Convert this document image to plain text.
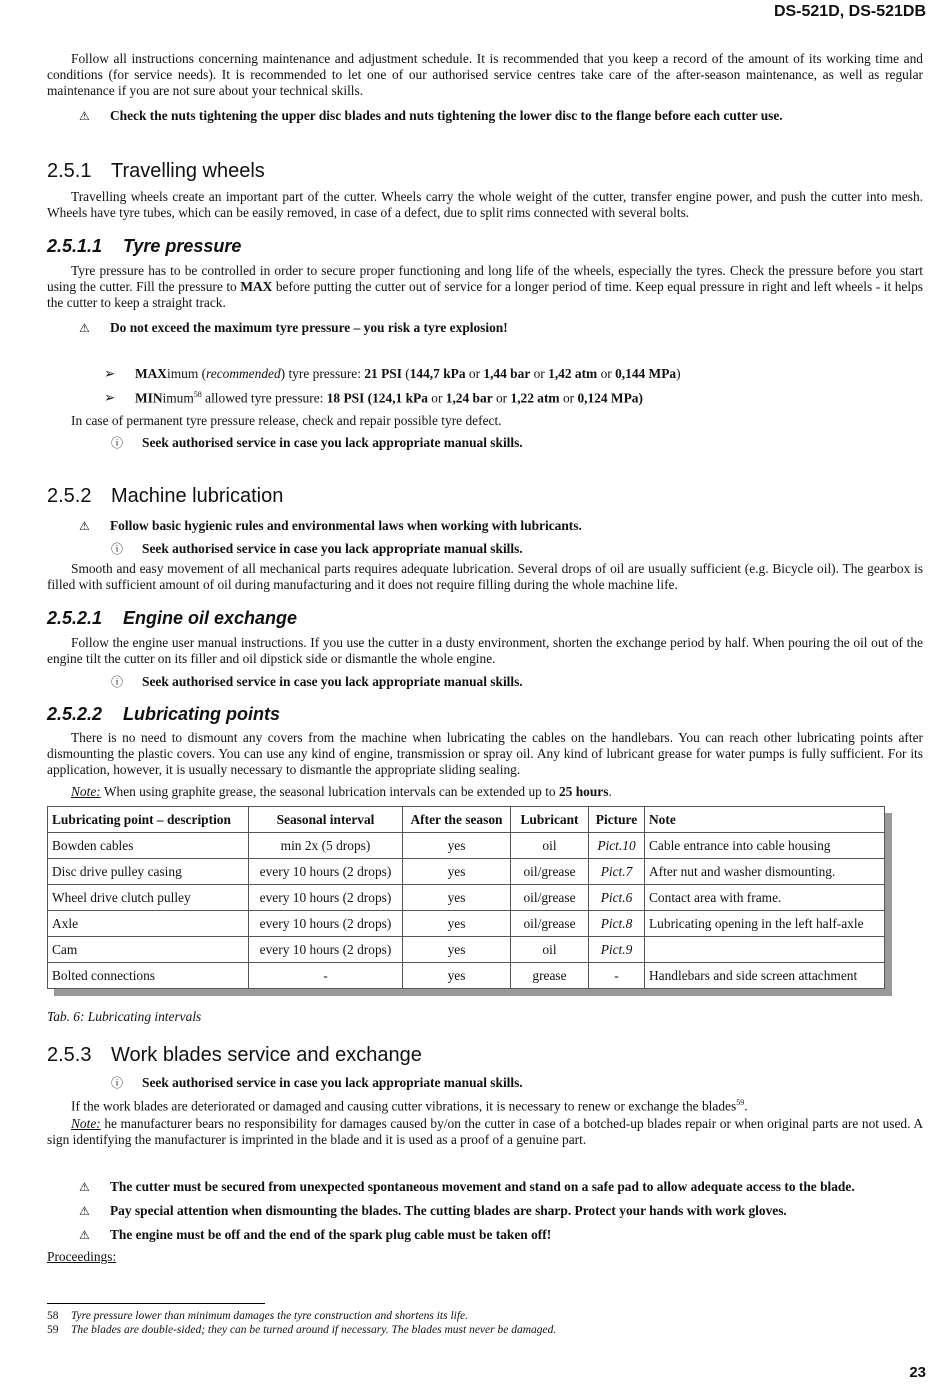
DS-521D, DS-521DB
Follow all instructions concerning maintenance and adjustment schedule. It is recommended that you keep a record of the amount of its working time and conditions (for service needs). It is recommended to let one of our authorised service centres take care of the after-season maintenance, as well as regular maintenance if you are not sure about your technical skills.
⚠ Check the nuts tightening the upper disc blades and nuts tightening the lower disc to the flange before each cutter use.
2.5.1 Travelling wheels
Travelling wheels create an important part of the cutter. Wheels carry the whole weight of the cutter, transfer engine power, and push the cutter into mesh. Wheels have tyre tubes, which can be easily removed, in case of a defect, due to split rims connected with several bolts.
2.5.1.1 Tyre pressure
Tyre pressure has to be controlled in order to secure proper functioning and long life of the wheels, especially the tyres. Check the pressure before you start using the cutter. Fill the pressure to MAX before putting the cutter out of service for a longer period of time. Keep equal pressure in right and left wheels - it helps the cutter to keep a straight track.
⚠ Do not exceed the maximum tyre pressure – you risk a tyre explosion!
➢ MAXimum (recommended) tyre pressure: 21 PSI (144,7 kPa or 1,44 bar or 1,42 atm or 0,144 MPa)
➢ MINimum$^{58}$ allowed tyre pressure: 18 PSI (124,1 kPa or 1,24 bar or 1,22 atm or 0,124 MPa)
In case of permanent tyre pressure release, check and repair possible tyre defect.
ⓘ Seek authorised service in case you lack appropriate manual skills.
2.5.2 Machine lubrication
⚠ Follow basic hygienic rules and environmental laws when working with lubricants.
ⓘ Seek authorised service in case you lack appropriate manual skills.
Smooth and easy movement of all mechanical parts requires adequate lubrication. Several drops of oil are usually sufficient (e.g. Bicycle oil). The gearbox is filled with sufficient amount of oil during manufacturing and it does not require filling during the whole machine life.
2.5.2.1 Engine oil exchange
Follow the engine user manual instructions. If you use the cutter in a dusty environment, shorten the exchange period by half. When pouring the oil out of the engine tilt the cutter on its filler and oil dipstick side or dismantle the whole engine.
ⓘ Seek authorised service in case you lack appropriate manual skills.
2.5.2.2 Lubricating points
There is no need to dismount any covers from the machine when lubricating the cables on the handlebars. You can reach other lubricating points after dismounting the plastic covers. You can use any kind of engine, transmission or spray oil. Any kind of lubricant grease for water pumps is fully sufficient. For its application, however, it is usually necessary to dismantle the appropriate sliding sealing.
Note: When using graphite grease, the seasonal lubrication intervals can be extended up to 25 hours.
Lubricating point – description	Seasonal interval	After the season	Lubricant	Picture	Note
Bowden cables	min 2x (5 drops)	yes	oil	Pict.10	Cable entrance into cable housing
Disc drive pulley casing	every 10 hours (2 drops)	yes	oil/grease	Pict.7	After nut and washer dismounting.
Wheel drive clutch pulley	every 10 hours (2 drops)	yes	oil/grease	Pict.6	Contact area with frame.
Axle	every 10 hours (2 drops)	yes	oil/grease	Pict.8	Lubricating opening in the left half-axle
Cam	every 10 hours (2 drops)	yes	oil	Pict.9	
Bolted connections	-	yes	grease	-	Handlebars and side screen attachment
Tab. 6: Lubricating intervals
2.5.3 Work blades service and exchange
ⓘ Seek authorised service in case you lack appropriate manual skills.
If the work blades are deteriorated or damaged and causing cutter vibrations, it is necessary to renew or exchange the blades$^{59}$.
Note: he manufacturer bears no responsibility for damages caused by/on the cutter in case of a botched-up blades repair or when original parts are not used. A sign identifying the manufacturer is imprinted in the blade and it is used as a proof of a genuine part.
⚠ The cutter must be secured from unexpected spontaneous movement and stand on a safe pad to allow adequate access to the blade.
⚠ Pay special attention when dismounting the blades. The cutting blades are sharp. Protect your hands with work gloves.
⚠ The engine must be off and the end of the spark plug cable must be taken off!
Proceedings:
58 Tyre pressure lower than minimum damages the tyre construction and shortens its life.
59 The blades are double-sided; they can be turned around if necessary. The blades must never be damaged.
23
